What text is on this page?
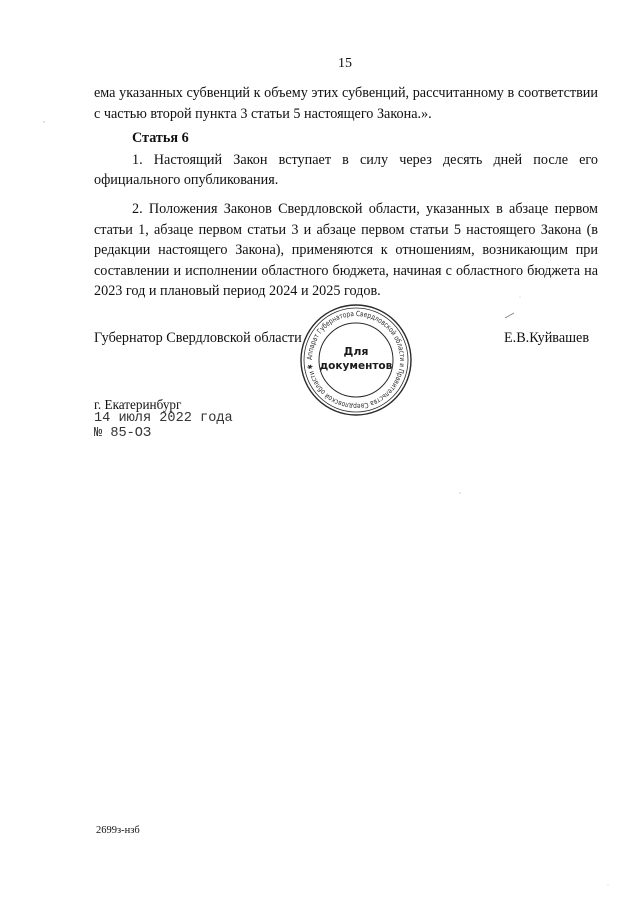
15

ема указанных субвенций к объему этих субвенций, рассчитанному в соответствии с частью второй пункта 3 статьи 5 настоящего Закона.».

Статья 6

1. Настоящий Закон вступает в силу через десять дней после его официального опубликования.

2. Положения Законов Свердловской области, указанных в абзаце первом статьи 1, абзаце первом статьи 3 и абзаце первом статьи 5 настоящего Закона (в редакции настоящего Закона), применяются к отношениям, возникающим при составлении и исполнении областного бюджета, начиная с областного бюджета на 2023 год и плановый период 2024 и 2025 годов.

Губернатор Свердловской области	Е.В.Куйвашев
Аппарат Губернатора Свердловской области и Правительства Свердловской области ✱
Для
документов
г. Екатеринбург
14 июля 2022 года
№ 85-ОЗ
2699з-нзб
